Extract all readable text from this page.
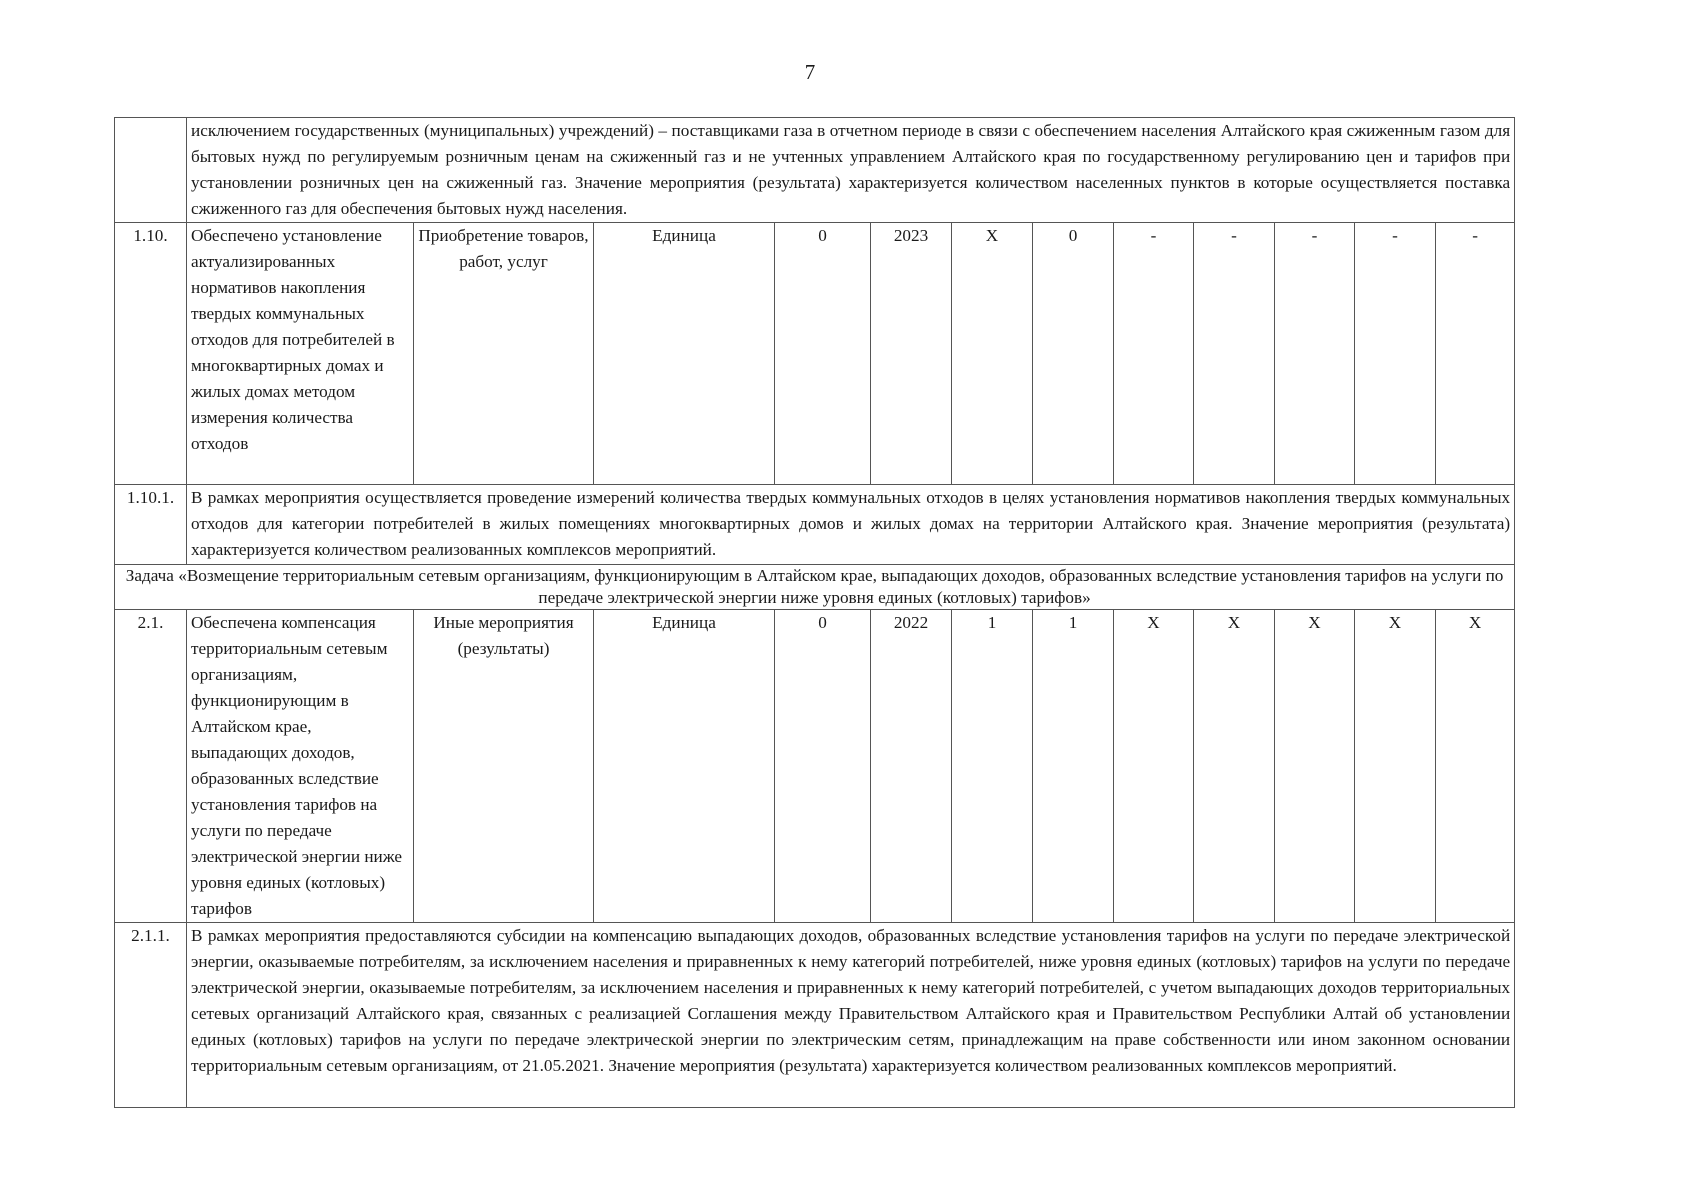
7
	исключением государственных (муниципальных) учреждений) – поставщиками газа в отчетном периоде в связи с обеспечением населения Алтайского края сжиженным газом для бытовых нужд по регулируемым розничным ценам на сжиженный газ и не учтенных управлением Алтайского края по государственному регулированию цен и тарифов при установлении розничных цен на сжиженный газ. Значение мероприятия (результата) характеризуется количеством населенных пунктов в которые осуществляется поставка сжиженного газ для обеспечения бытовых нужд населения.											
1.10.	Обеспечено установление актуализированных нормативов накопления твердых коммунальных отходов для потребителей в многоквартирных домах и жилых домах методом измерения количества отходов	Приобретение товаров, работ, услуг	Единица	0	2023	X	0	-	-	-	-	-
1.10.1.	В рамках мероприятия осуществляется проведение измерений количества твердых коммунальных отходов в целях установления нормативов накопления твердых коммунальных отходов для категории потребителей в жилых помещениях многоквартирных домов и жилых домах на территории Алтайского края. Значение мероприятия (результата) характеризуется количеством реализованных комплексов мероприятий.											
Задача «Возмещение территориальным сетевым организациям, функционирующим в Алтайском крае, выпадающих доходов, образованных вследствие установления тарифов на услуги по передаче электрической энергии ниже уровня единых (котловых) тарифов»												
2.1.	Обеспечена компенсация территориальным сетевым организациям, функционирующим в Алтайском крае, выпадающих доходов, образованных вследствие установления тарифов на услуги по передаче электрической энергии ниже уровня единых (котловых) тарифов	Иные мероприятия (результаты)	Единица	0	2022	1	1	X	X	X	X	X
2.1.1.	В рамках мероприятия предоставляются субсидии на компенсацию выпадающих доходов, образованных вследствие установления тарифов на услуги по передаче электрической энергии, оказываемые потребителям, за исключением населения и приравненных к нему категорий потребителей, ниже уровня единых (котловых) тарифов на услуги по передаче электрической энергии, оказываемые потребителям, за исключением населения и приравненных к нему категорий потребителей, с учетом выпадающих доходов территориальных сетевых организаций Алтайского края, связанных с реализацией Соглашения между Правительством Алтайского края и Правительством Республики Алтай об установлении единых (котловых) тарифов на услуги по передаче электрической энергии по электрическим сетям, принадлежащим на праве собственности или ином законном основании территориальным сетевым организациям, от 21.05.2021. Значение мероприятия (результата) характеризуется количеством реализованных комплексов мероприятий.											
